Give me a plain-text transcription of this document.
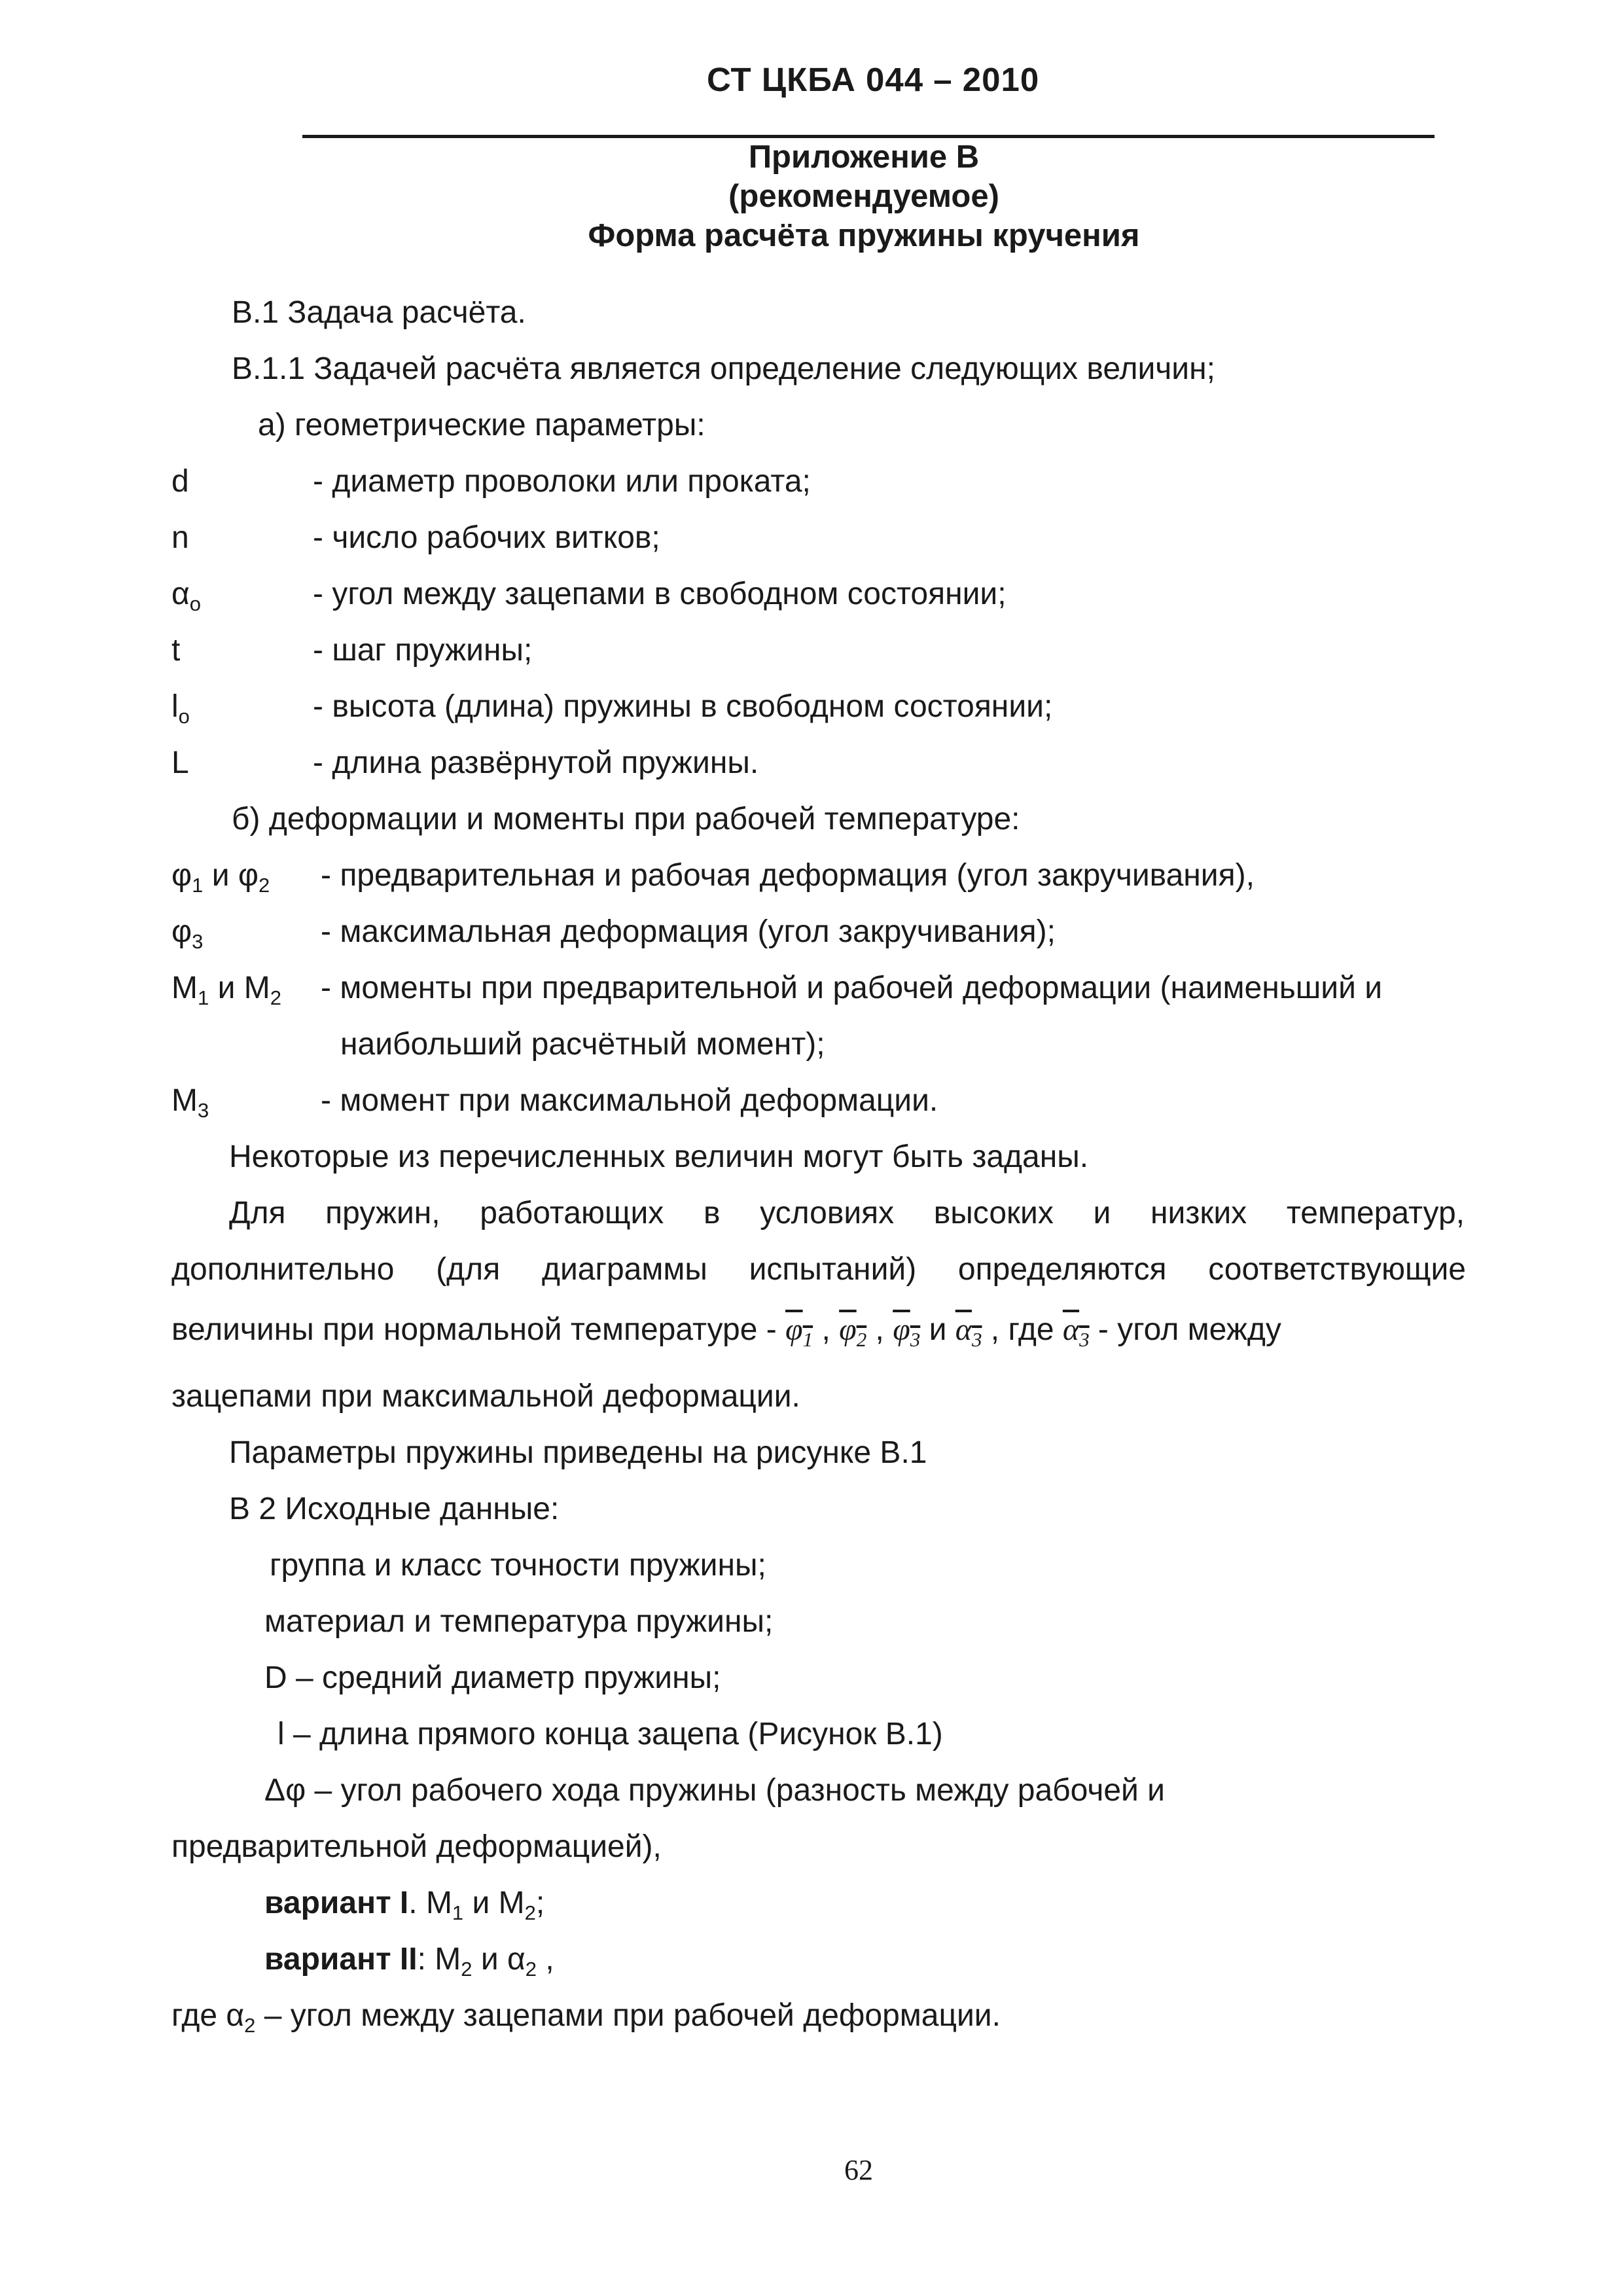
СТ ЦКБА 044 – 2010
Приложение В
(рекомендуемое)
Форма расчёта пружины кручения
В.1 Задача расчёта.
В.1.1 Задачей расчёта является определение следующих величин;
а) геометрические параметры:
d	- диаметр проволоки или проката;
n	- число рабочих витков;
$\alpha_о$	- угол между зацепами в свободном состоянии;
t	- шаг пружины;
$l_о$	- высота (длина) пружины в свободном состоянии;
L	- длина развёрнутой пружины.
б) деформации и моменты при рабочей температуре:
$\varphi_1$ и $\varphi_2$ - предварительная и рабочая деформация (угол закручивания),
$\varphi_3$	- максимальная деформация (угол закручивания);
$M_1$ и $M_2$ - моменты при предварительной и рабочей деформации (наименьший и
наибольший расчётный момент);
$M_3$	- момент при максимальной деформации.
Некоторые из перечисленных величин могут быть заданы.
Для пружин, работающих в условиях высоких и низких температур,
дополнительно (для диаграммы испытаний) определяются соответствующие
величины при нормальной температуре - $\varphi_1$ , $\varphi_2$ , $\varphi_3$ и $\alpha_3$ , где $\alpha_3$ - угол между
зацепами при максимальной деформации.
Параметры пружины приведены на рисунке В.1
В 2 Исходные данные:
группа и класс точности пружины;
материал и температура пружины;
D – средний диаметр пружины;
l – длина прямого конца зацепа (Рисунок В.1)
Δφ – угол рабочего хода пружины (разность между рабочей и
предварительной деформацией),
вариант I. $M_1$ и $M_2$;
вариант II: $M_2$ и $\alpha_2$ ,
где $\alpha_2$ – угол между зацепами при рабочей деформации.
62
